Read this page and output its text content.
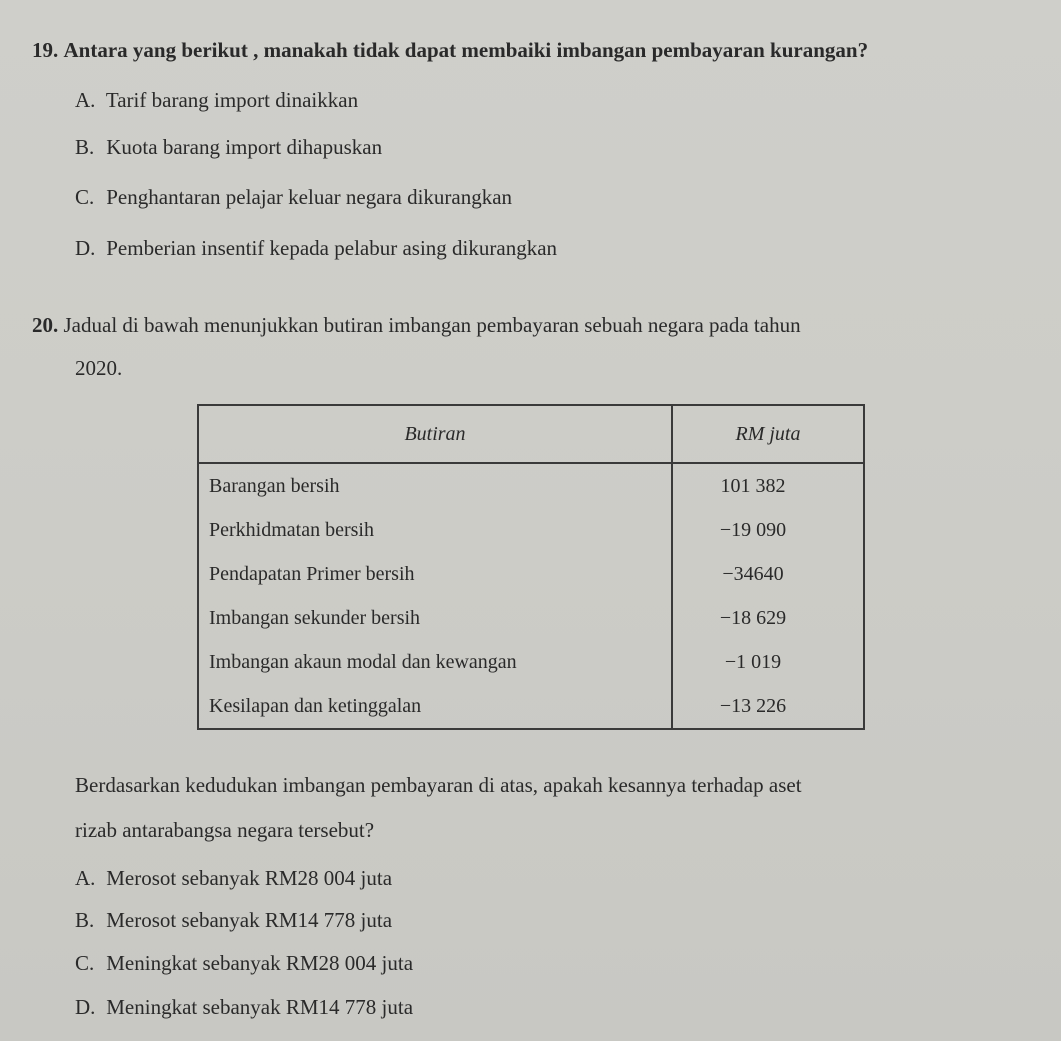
19. Antara yang berikut , manakah tidak dapat membaiki imbangan pembayaran kurangan?
A. Tarif barang import dinaikkan
B. Kuota barang import dihapuskan
C. Penghantaran pelajar keluar negara dikurangkan
D. Pemberian insentif kepada pelabur asing dikurangkan
20. Jadual di bawah menunjukkan butiran imbangan pembayaran sebuah negara pada tahun
2020.
Butiran	RM juta
Barangan bersih	101 382
Perkhidmatan bersih	−19 090
Pendapatan Primer bersih	−34640
Imbangan sekunder bersih	−18 629
Imbangan akaun modal dan kewangan	−1 019
Kesilapan dan ketinggalan	−13 226
Berdasarkan kedudukan imbangan pembayaran di atas, apakah kesannya terhadap aset
rizab antarabangsa negara tersebut?
A. Merosot sebanyak RM28 004 juta
B. Merosot sebanyak RM14 778 juta
C. Meningkat sebanyak RM28 004 juta
D. Meningkat sebanyak RM14 778 juta
